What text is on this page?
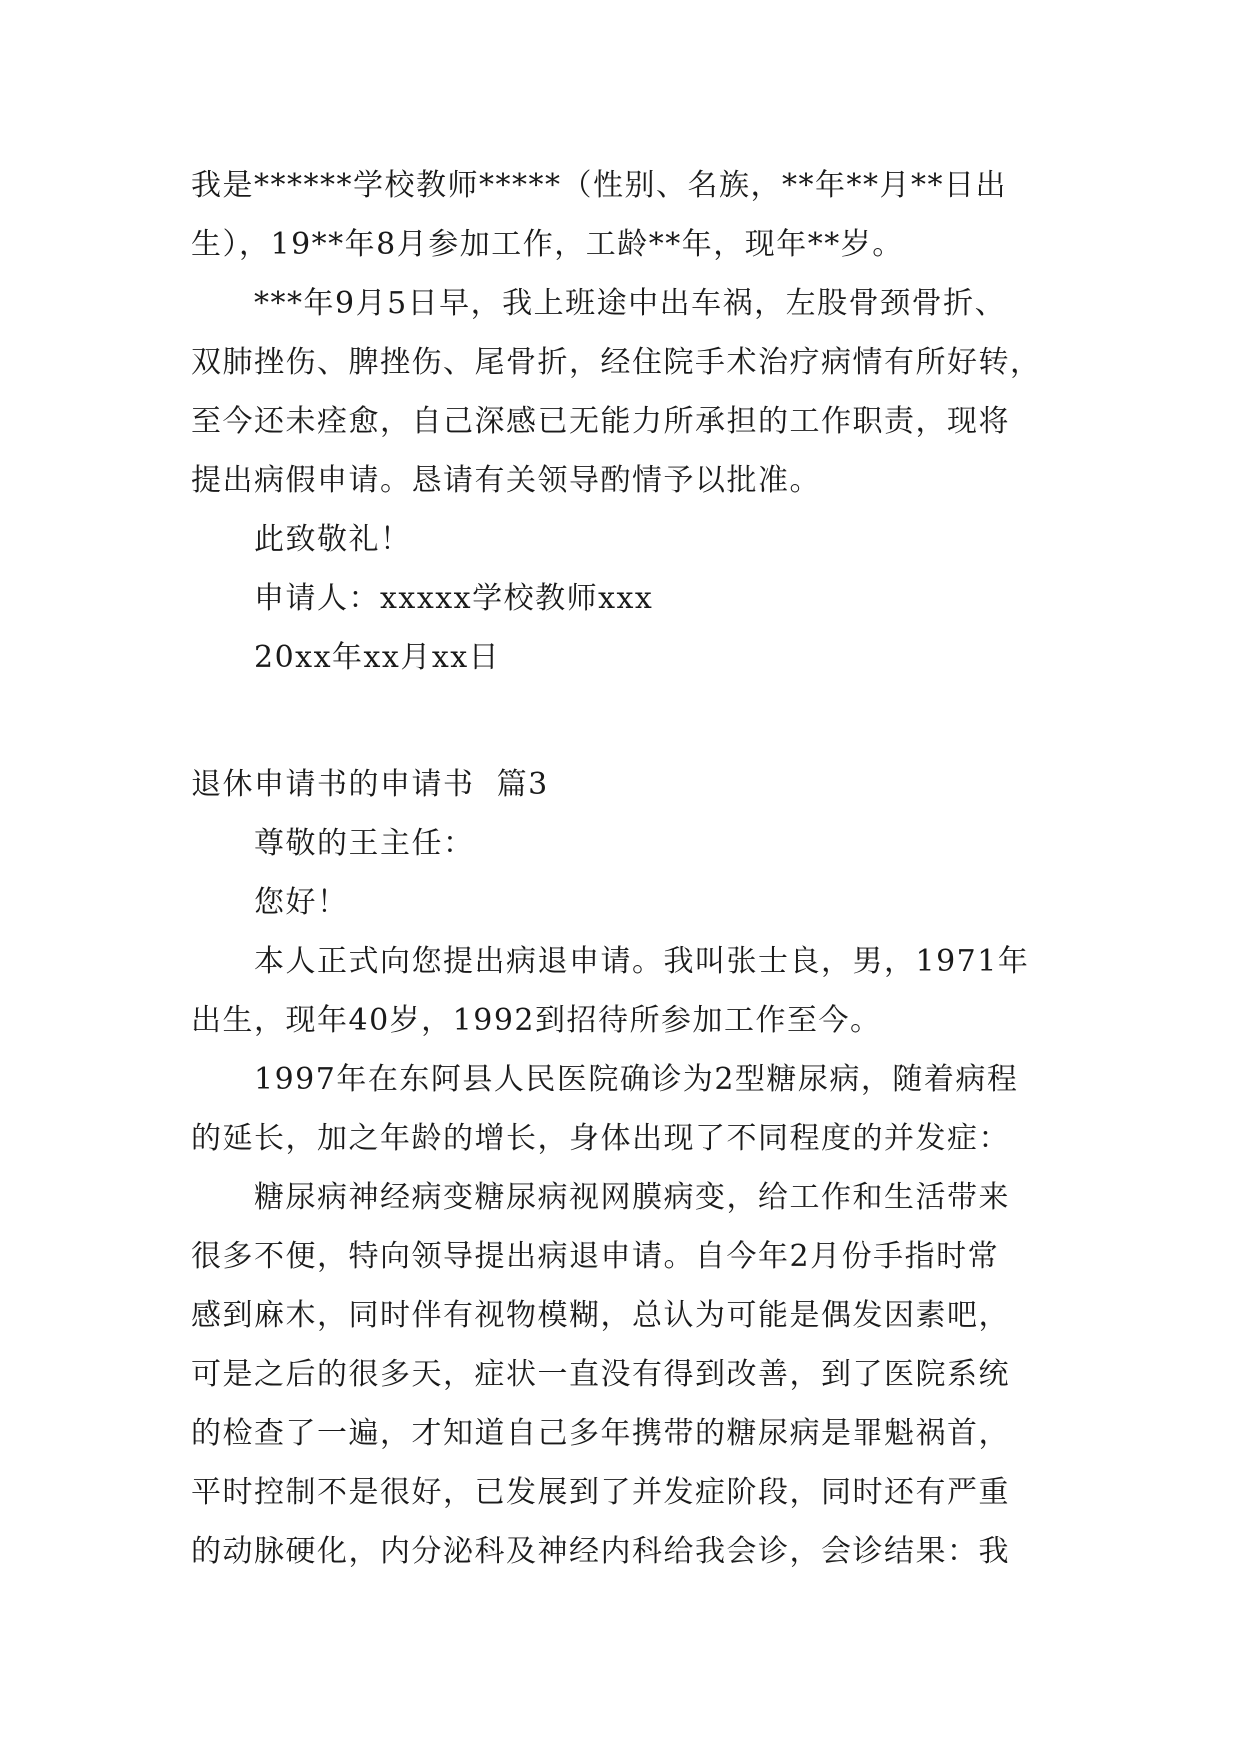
我是******学校教师*****（性别、名族，**年**月**日出
生），19**年8月参加工作，工龄**年，现年**岁。
***年9月5日早，我上班途中出车祸，左股骨颈骨折、
双肺挫伤、脾挫伤、尾骨折，经住院手术治疗病情有所好转，
至今还未痊愈，自己深感已无能力所承担的工作职责，现将
提出病假申请。恳请有关领导酌情予以批准。
此致敬礼！
申请人：xxxxx学校教师xxx
20xx年xx月xx日
退休申请书的申请书  篇3
尊敬的王主任：
您好！
本人正式向您提出病退申请。我叫张士良，男，1971年
出生，现年40岁，1992到招待所参加工作至今。
1997年在东阿县人民医院确诊为2型糖尿病，随着病程
的延长，加之年龄的增长，身体出现了不同程度的并发症：
糖尿病神经病变糖尿病视网膜病变，给工作和生活带来
很多不便，特向领导提出病退申请。自今年2月份手指时常
感到麻木，同时伴有视物模糊，总认为可能是偶发因素吧，
可是之后的很多天，症状一直没有得到改善，到了医院系统
的检查了一遍，才知道自己多年携带的糖尿病是罪魁祸首，
平时控制不是很好，已发展到了并发症阶段，同时还有严重
的动脉硬化，内分泌科及神经内科给我会诊，会诊结果：我
